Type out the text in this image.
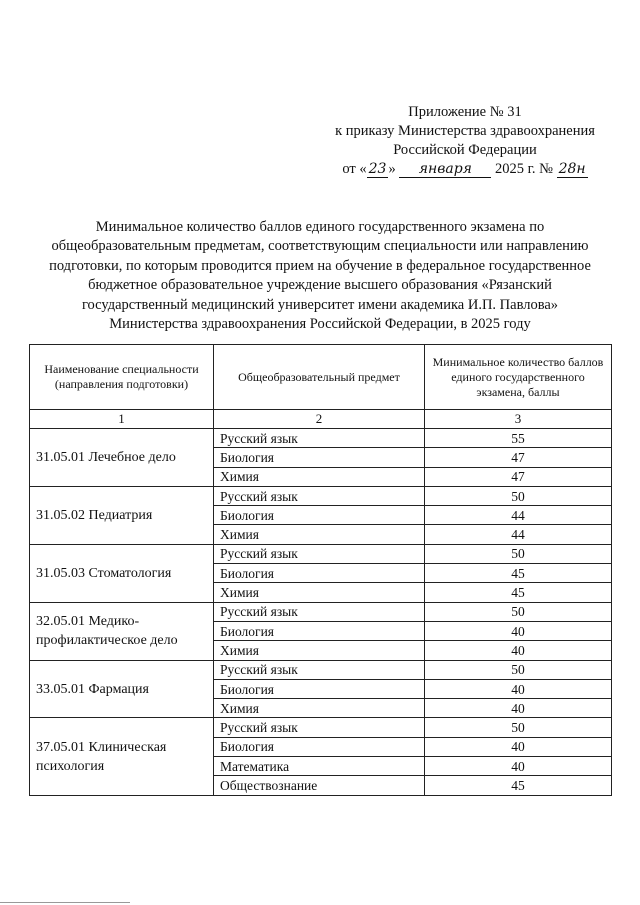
Приложение № 31
к приказу Министерства здравоохранения
Российской Федерации
от « 23 » января 2025 г. № 28н
Минимальное количество баллов единого государственного экзамена по
общеобразовательным предметам, соответствующим специальности или направлению
подготовки, по которым проводится прием на обучение в федеральное государственное
бюджетное образовательное учреждение высшего образования «Рязанский
государственный медицинский университет имени академика И.П. Павлова»
Министерства здравоохранения Российской Федерации, в 2025 году
Наименование специальности (направления подготовки)	Общеобразовательный предмет	Минимальное количество баллов единого государственного экзамена, баллы
1	2	3
31.05.01 Лечебное дело	Русский язык	55
	Биология	47
	Химия	47
31.05.02 Педиатрия	Русский язык	50
	Биология	44
	Химия	44
31.05.03 Стоматология	Русский язык	50
	Биология	45
	Химия	45
32.05.01 Медико-профилактическое дело	Русский язык	50
	Биология	40
	Химия	40
33.05.01 Фармация	Русский язык	50
	Биология	40
	Химия	40
37.05.01 Клиническая психология	Русский язык	50
	Биология	40
	Математика	40
	Обществознание	45
